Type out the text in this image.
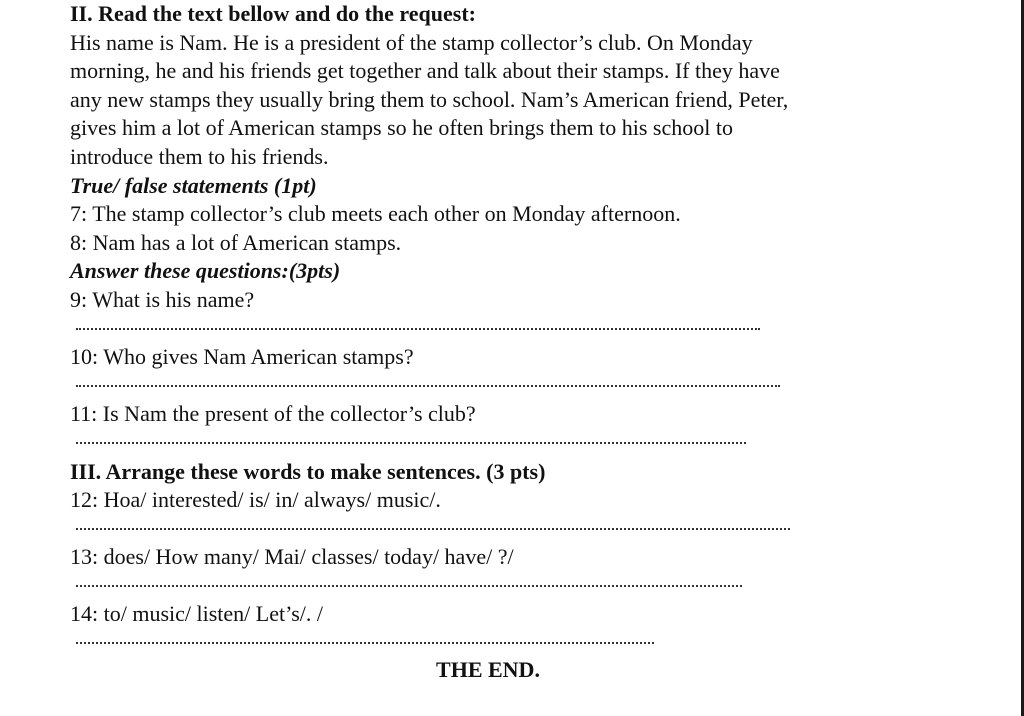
II. Read the text bellow and do the request:
His name is Nam. He is a president of the stamp collector’s club. On Monday
morning, he and his friends get together and talk about their stamps. If they have
any new stamps they usually bring them to school. Nam’s American friend, Peter,
gives him a lot of American stamps so he often brings them to his school to
introduce them to his friends.
True/ false statements (1pt)
7: The stamp collector’s club meets each other on Monday afternoon.
8: Nam has a lot of American stamps.
Answer these questions:(3pts)
9: What is his name?
10: Who gives Nam American stamps?
11: Is Nam the present of the collector’s club?
III. Arrange these words to make sentences. (3 pts)
12: Hoa/ interested/ is/ in/ always/ music/.
13: does/ How many/ Mai/ classes/ today/ have/ ?/
14: to/ music/ listen/ Let’s/. /
THE END.
